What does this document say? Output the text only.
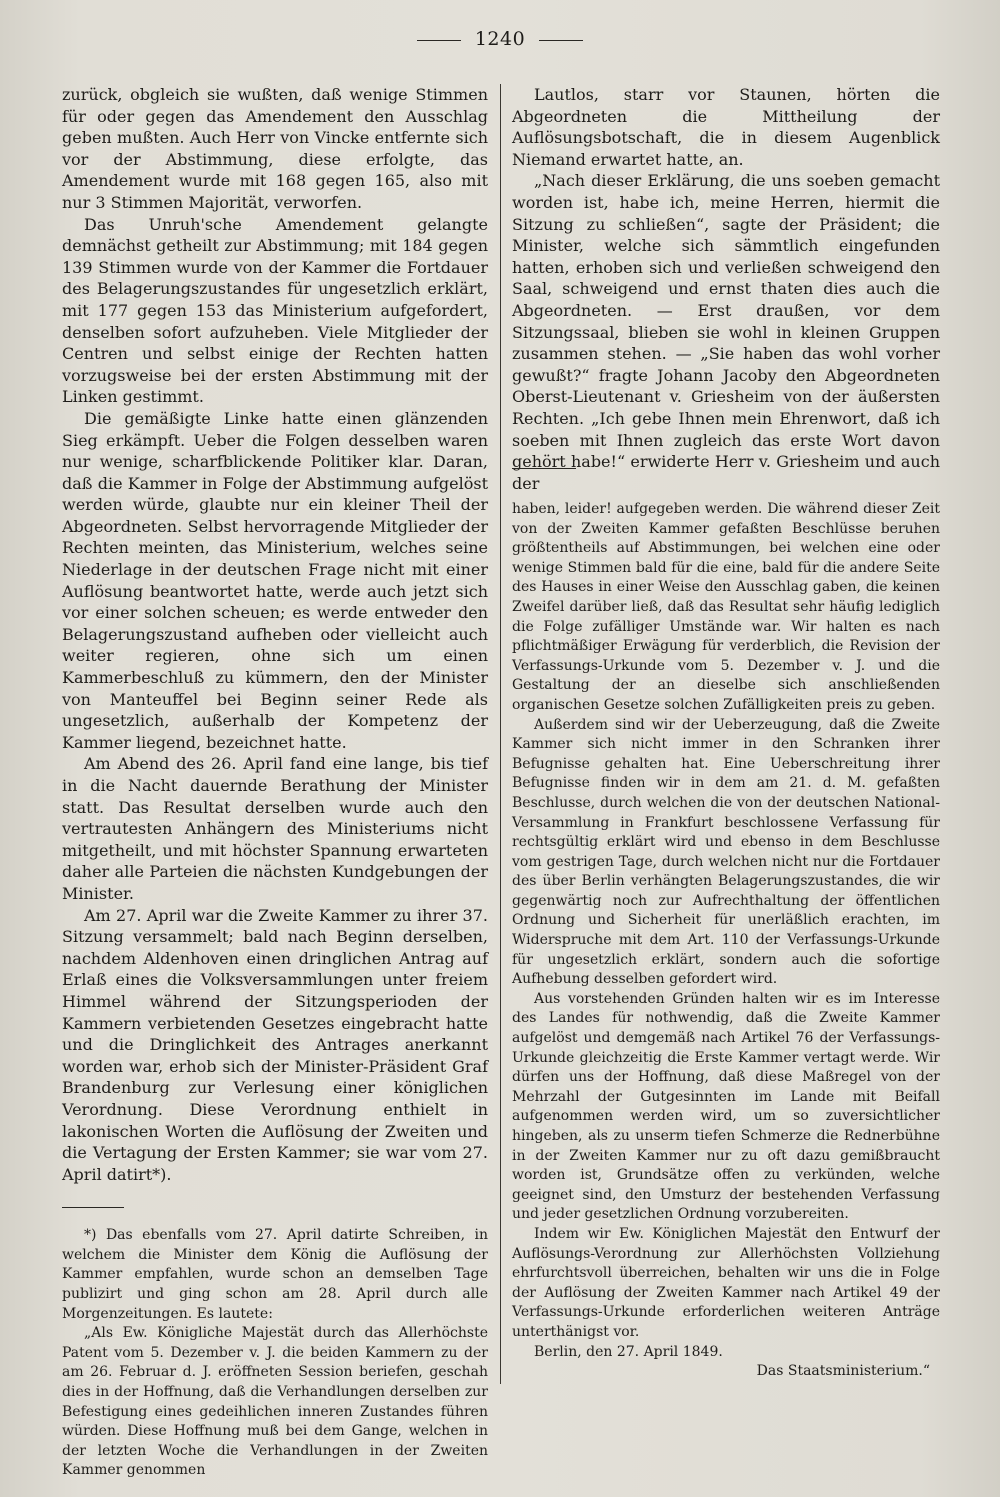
1240

zurück, obgleich sie wußten, daß wenige Stimmen für oder gegen das Amendement den Ausschlag geben mußten. Auch Herr von Vincke entfernte sich vor der Abstimmung, diese erfolgte, das Amendement wurde mit 168 gegen 165, also mit nur 3 Stimmen Majorität, verworfen.

Das Unruh'sche Amendement gelangte demnächst getheilt zur Abstimmung; mit 184 gegen 139 Stimmen wurde von der Kammer die Fortdauer des Belagerungszustandes für ungesetzlich erklärt, mit 177 gegen 153 das Ministerium aufgefordert, denselben sofort aufzuheben. Viele Mitglieder der Centren und selbst einige der Rechten hatten vorzugsweise bei der ersten Abstimmung mit der Linken gestimmt.

Die gemäßigte Linke hatte einen glänzenden Sieg erkämpft. Ueber die Folgen desselben waren nur wenige, scharfblickende Politiker klar. Daran, daß die Kammer in Folge der Abstimmung aufgelöst werden würde, glaubte nur ein kleiner Theil der Abgeordneten. Selbst hervorragende Mitglieder der Rechten meinten, das Ministerium, welches seine Niederlage in der deutschen Frage nicht mit einer Auflösung beantwortet hatte, werde auch jetzt sich vor einer solchen scheuen; es werde entweder den Belagerungszustand aufheben oder vielleicht auch weiter regieren, ohne sich um einen Kammerbeschluß zu kümmern, den der Minister von Manteuffel bei Beginn seiner Rede als ungesetzlich, außerhalb der Kompetenz der Kammer liegend, bezeichnet hatte.

Am Abend des 26. April fand eine lange, bis tief in die Nacht dauernde Berathung der Minister statt. Das Resultat derselben wurde auch den vertrautesten Anhängern des Ministeriums nicht mitgetheilt, und mit höchster Spannung erwarteten daher alle Parteien die nächsten Kundgebungen der Minister.

Am 27. April war die Zweite Kammer zu ihrer 37. Sitzung versammelt; bald nach Beginn derselben, nachdem Aldenhoven einen dringlichen Antrag auf Erlaß eines die Volksversammlungen unter freiem Himmel während der Sitzungsperioden der Kammern verbietenden Gesetzes eingebracht hatte und die Dringlichkeit des Antrages anerkannt worden war, erhob sich der Minister-Präsident Graf Brandenburg zur Verlesung einer königlichen Verordnung. Diese Verordnung enthielt in lakonischen Worten die Auflösung der Zweiten und die Vertagung der Ersten Kammer; sie war vom 27. April datirt*).

*) Das ebenfalls vom 27. April datirte Schreiben, in welchem die Minister dem König die Auflösung der Kammer empfahlen, wurde schon an demselben Tage publizirt und ging schon am 28. April durch alle Morgenzeitungen. Es lautete:

„Als Ew. Königliche Majestät durch das Allerhöchste Patent vom 5. Dezember v. J. die beiden Kammern zu der am 26. Februar d. J. eröffneten Session beriefen, geschah dies in der Hoffnung, daß die Verhandlungen derselben zur Befestigung eines gedeihlichen inneren Zustandes führen würden. Diese Hoffnung muß bei dem Gange, welchen in der letzten Woche die Verhandlungen in der Zweiten Kammer genommen

Lautlos, starr vor Staunen, hörten die Abgeordneten die Mittheilung der Auflösungsbotschaft, die in diesem Augenblick Niemand erwartet hatte, an.

„Nach dieser Erklärung, die uns soeben gemacht worden ist, habe ich, meine Herren, hiermit die Sitzung zu schließen“, sagte der Präsident; die Minister, welche sich sämmtlich eingefunden hatten, erhoben sich und verließen schweigend den Saal, schweigend und ernst thaten dies auch die Abgeordneten. — Erst draußen, vor dem Sitzungssaal, blieben sie wohl in kleinen Gruppen zusammen stehen. — „Sie haben das wohl vorher gewußt?“ fragte Johann Jacoby den Abgeordneten Oberst-Lieutenant v. Griesheim von der äußersten Rechten. „Ich gebe Ihnen mein Ehrenwort, daß ich soeben mit Ihnen zugleich das erste Wort davon gehört habe!“ erwiderte Herr v. Griesheim und auch der

haben, leider! aufgegeben werden. Die während dieser Zeit von der Zweiten Kammer gefaßten Beschlüsse beruhen größtentheils auf Abstimmungen, bei welchen eine oder wenige Stimmen bald für die eine, bald für die andere Seite des Hauses in einer Weise den Ausschlag gaben, die keinen Zweifel darüber ließ, daß das Resultat sehr häufig lediglich die Folge zufälliger Umstände war. Wir halten es nach pflichtmäßiger Erwägung für verderblich, die Revision der Verfassungs-Urkunde vom 5. Dezember v. J. und die Gestaltung der an dieselbe sich anschließenden organischen Gesetze solchen Zufälligkeiten preis zu geben.

Außerdem sind wir der Ueberzeugung, daß die Zweite Kammer sich nicht immer in den Schranken ihrer Befugnisse gehalten hat. Eine Ueberschreitung ihrer Befugnisse finden wir in dem am 21. d. M. gefaßten Beschlusse, durch welchen die von der deutschen National-Versammlung in Frankfurt beschlossene Verfassung für rechtsgültig erklärt wird und ebenso in dem Beschlusse vom gestrigen Tage, durch welchen nicht nur die Fortdauer des über Berlin verhängten Belagerungszustandes, die wir gegenwärtig noch zur Aufrechthaltung der öffentlichen Ordnung und Sicherheit für unerläßlich erachten, im Widerspruche mit dem Art. 110 der Verfassungs-Urkunde für ungesetzlich erklärt, sondern auch die sofortige Aufhebung desselben gefordert wird.

Aus vorstehenden Gründen halten wir es im Interesse des Landes für nothwendig, daß die Zweite Kammer aufgelöst und demgemäß nach Artikel 76 der Verfassungs-Urkunde gleichzeitig die Erste Kammer vertagt werde. Wir dürfen uns der Hoffnung, daß diese Maßregel von der Mehrzahl der Gutgesinnten im Lande mit Beifall aufgenommen werden wird, um so zuversichtlicher hingeben, als zu unserm tiefen Schmerze die Rednerbühne in der Zweiten Kammer nur zu oft dazu gemißbraucht worden ist, Grundsätze offen zu verkünden, welche geeignet sind, den Umsturz der bestehenden Verfassung und jeder gesetzlichen Ordnung vorzubereiten.

Indem wir Ew. Königlichen Majestät den Entwurf der Auflösungs-Verordnung zur Allerhöchsten Vollziehung ehrfurchtsvoll überreichen, behalten wir uns die in Folge der Auflösung der Zweiten Kammer nach Artikel 49 der Verfassungs-Urkunde erforderlichen weiteren Anträge unterthänigst vor.

Berlin, den 27. April 1849.

Das Staatsministerium.“
